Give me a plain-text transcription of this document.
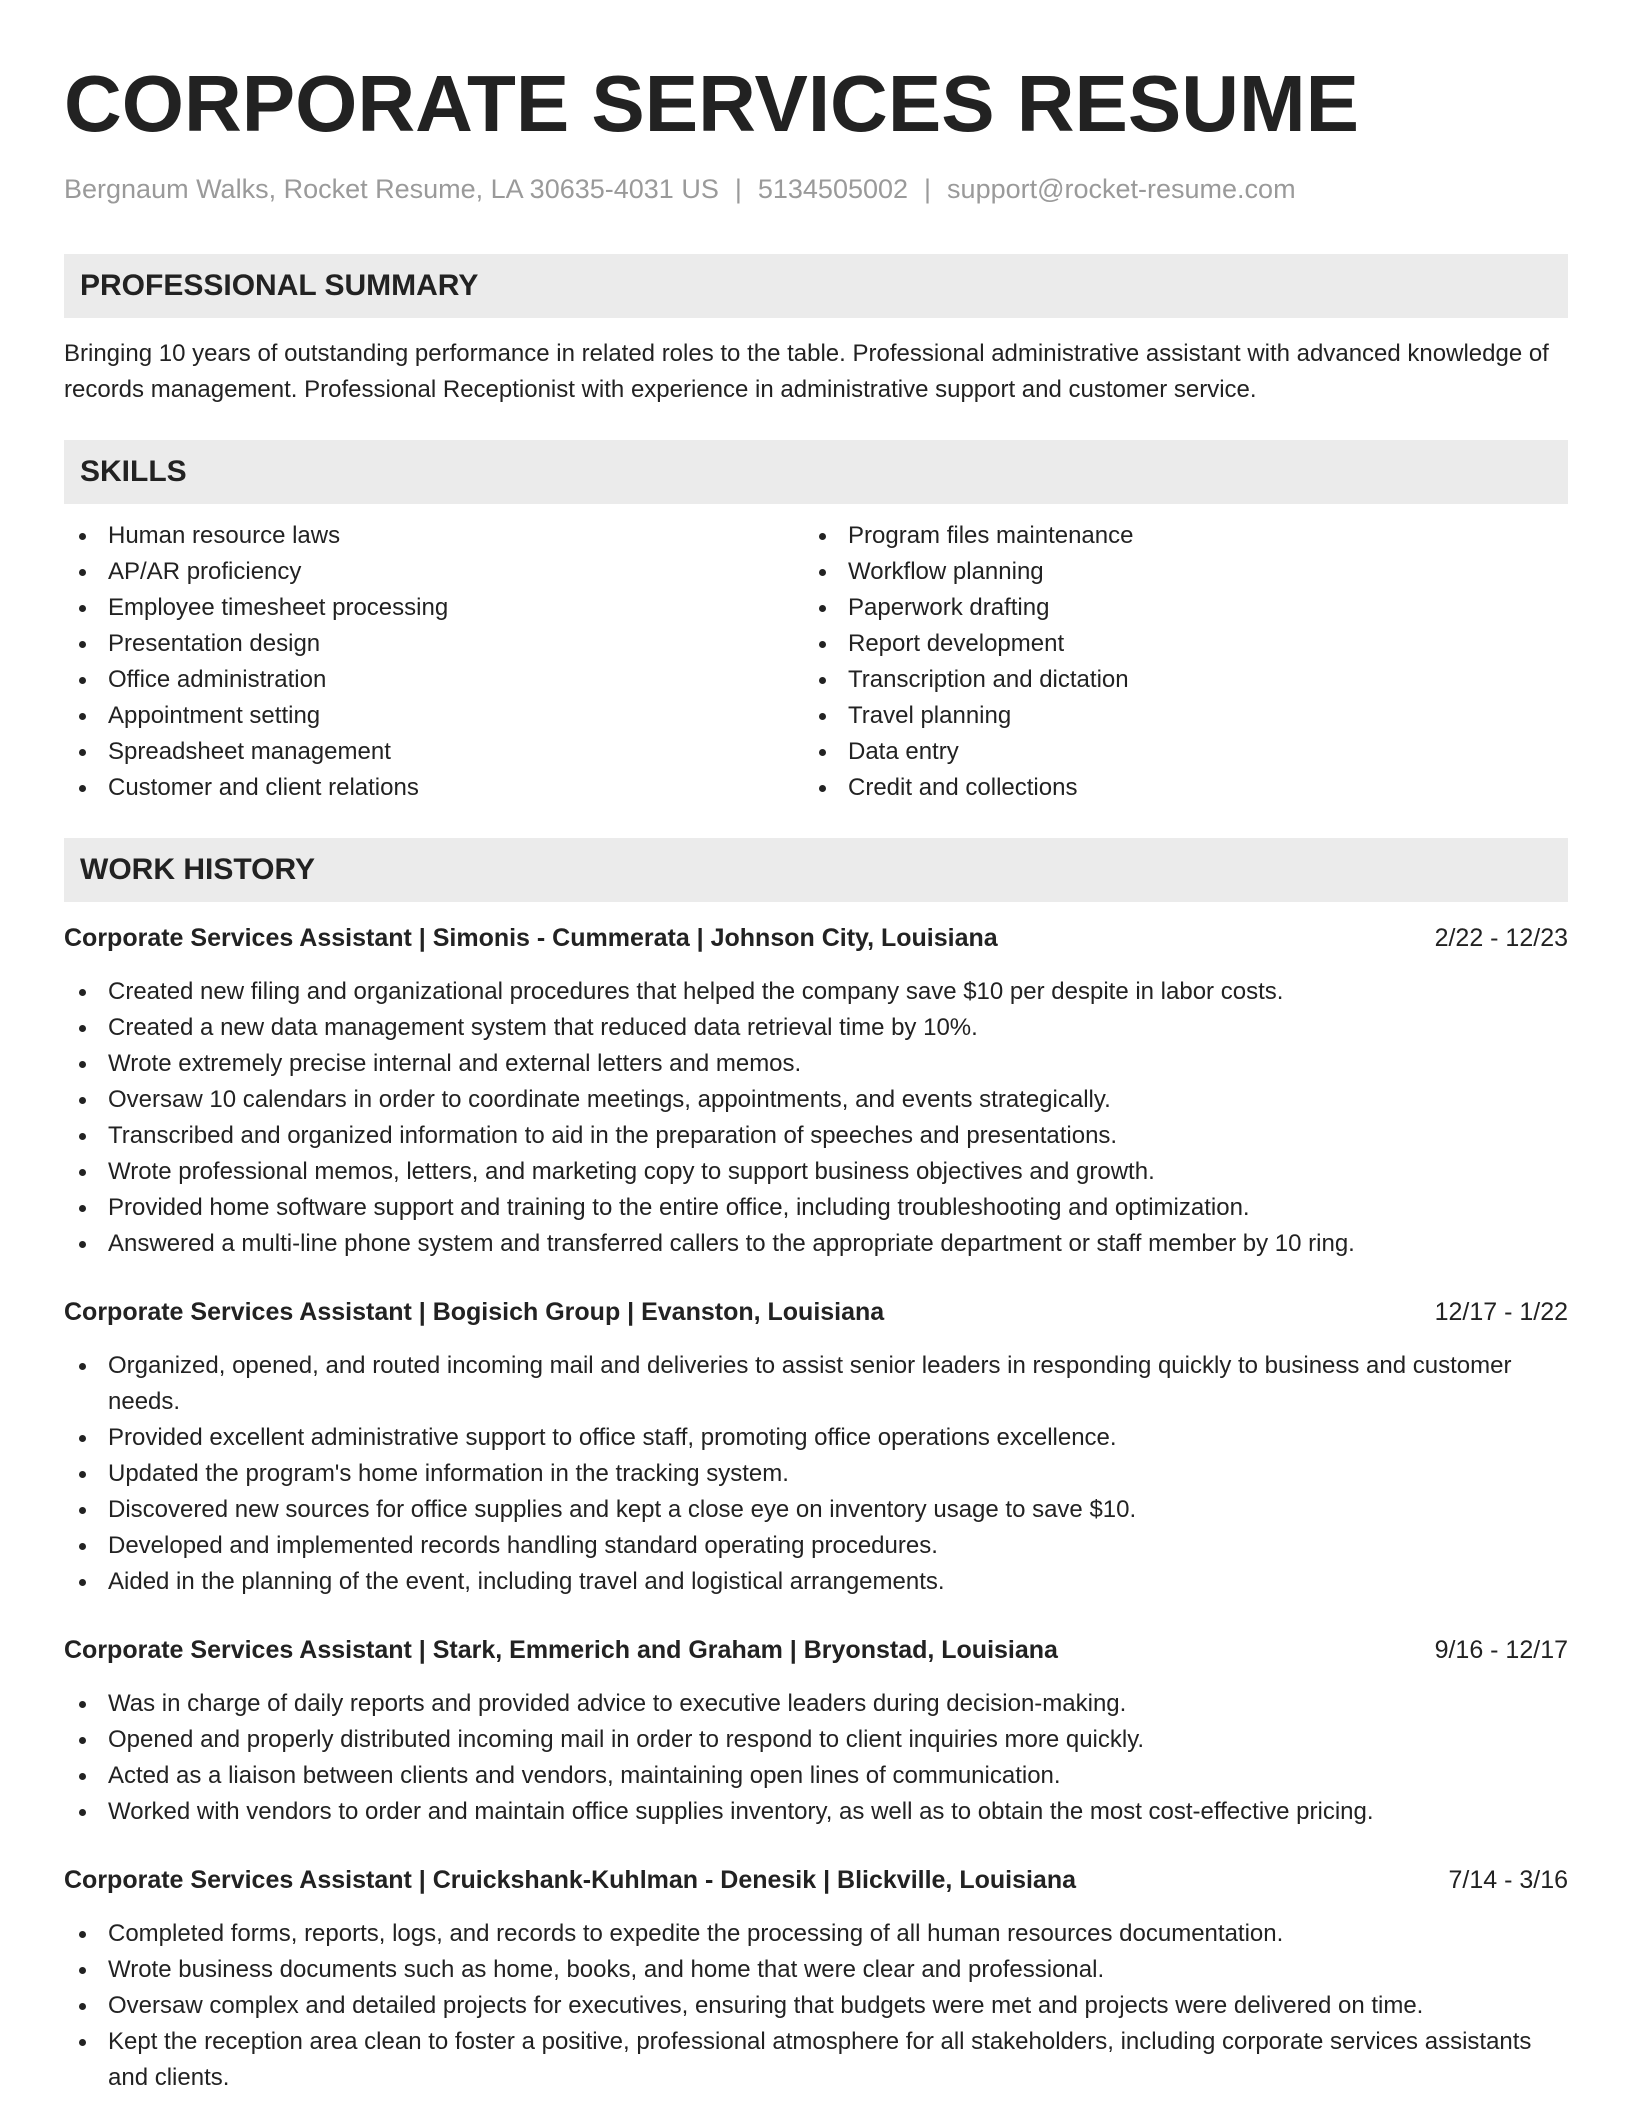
CORPORATE SERVICES RESUME
Bergnaum Walks, Rocket Resume, LA 30635-4031 US | 5134505002 | support@rocket-resume.com
PROFESSIONAL SUMMARY
Bringing 10 years of outstanding performance in related roles to the table. Professional administrative assistant with advanced knowledge of records management. Professional Receptionist with experience in administrative support and customer service.
SKILLS
Human resource laws
AP/AR proficiency
Employee timesheet processing
Presentation design
Office administration
Appointment setting
Spreadsheet management
Customer and client relations
Program files maintenance
Workflow planning
Paperwork drafting
Report development
Transcription and dictation
Travel planning
Data entry
Credit and collections
WORK HISTORY
Corporate Services Assistant | Simonis - Cummerata | Johnson City, Louisiana	2/22 - 12/23
Created new filing and organizational procedures that helped the company save $10 per despite in labor costs.
Created a new data management system that reduced data retrieval time by 10%.
Wrote extremely precise internal and external letters and memos.
Oversaw 10 calendars in order to coordinate meetings, appointments, and events strategically.
Transcribed and organized information to aid in the preparation of speeches and presentations.
Wrote professional memos, letters, and marketing copy to support business objectives and growth.
Provided home software support and training to the entire office, including troubleshooting and optimization.
Answered a multi-line phone system and transferred callers to the appropriate department or staff member by 10 ring.
Corporate Services Assistant | Bogisich Group | Evanston, Louisiana	12/17 - 1/22
Organized, opened, and routed incoming mail and deliveries to assist senior leaders in responding quickly to business and customer needs.
Provided excellent administrative support to office staff, promoting office operations excellence.
Updated the program's home information in the tracking system.
Discovered new sources for office supplies and kept a close eye on inventory usage to save $10.
Developed and implemented records handling standard operating procedures.
Aided in the planning of the event, including travel and logistical arrangements.
Corporate Services Assistant | Stark, Emmerich and Graham | Bryonstad, Louisiana	9/16 - 12/17
Was in charge of daily reports and provided advice to executive leaders during decision-making.
Opened and properly distributed incoming mail in order to respond to client inquiries more quickly.
Acted as a liaison between clients and vendors, maintaining open lines of communication.
Worked with vendors to order and maintain office supplies inventory, as well as to obtain the most cost-effective pricing.
Corporate Services Assistant | Cruickshank-Kuhlman - Denesik | Blickville, Louisiana	7/14 - 3/16
Completed forms, reports, logs, and records to expedite the processing of all human resources documentation.
Wrote business documents such as home, books, and home that were clear and professional.
Oversaw complex and detailed projects for executives, ensuring that budgets were met and projects were delivered on time.
Kept the reception area clean to foster a positive, professional atmosphere for all stakeholders, including corporate services assistants and clients.
